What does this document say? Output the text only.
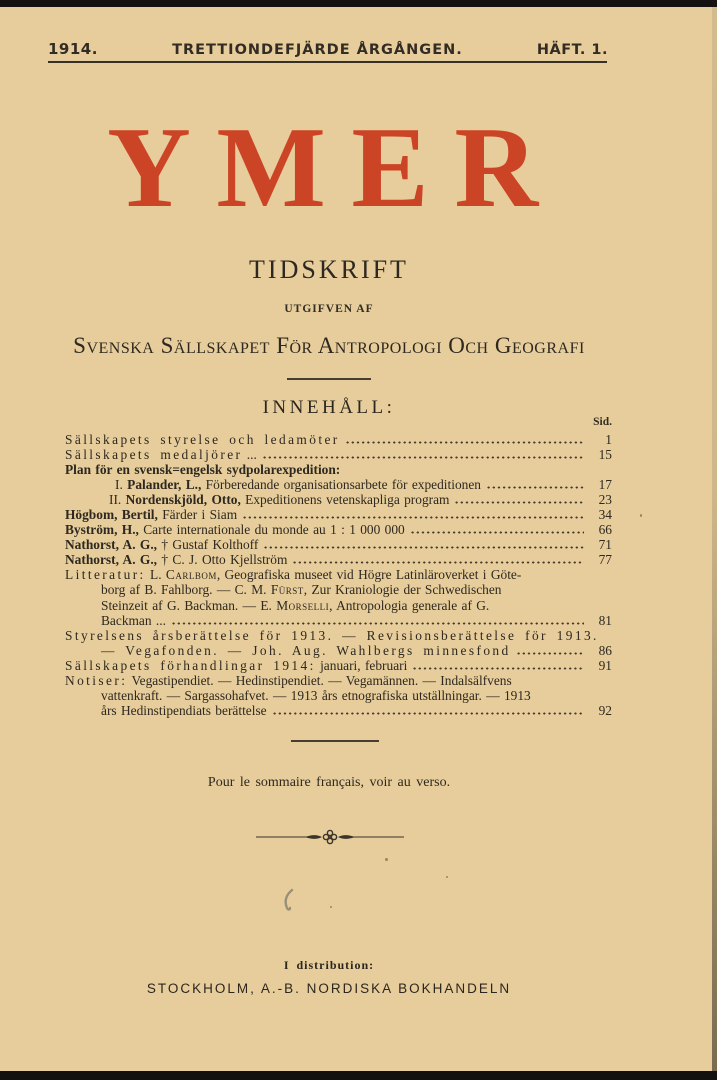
1914.	TRETTIONDEFJÄRDE ÅRGÅNGEN.	HÄFT. 1.
YMER
TIDSKRIFT
UTGIFVEN AF
Svenska Sällskapet För Antropologi Och Geografi
INNEHÅLL:
Sid.
Sällskapets styrelse och ledamöter	1
Sällskapets medaljörer ...	15
Plan för en svensk=engelsk sydpolarexpedition:
I. Palander, L., Förberedande organisationsarbete för expeditionen	17
II. Nordenskjöld, Otto, Expeditionens vetenskapliga program	23
Högbom, Bertil, Färder i Siam	34
Byström, H., Carte internationale du monde au 1 : 1 000 000	66
Nathorst, A. G., † Gustaf Kolthoff	71
Nathorst, A. G., † C. J. Otto Kjellström	77
Litteratur: L. Carlbom, Geografiska museet vid Högre Latinläroverket i Göte-
borg af B. Fahlborg. — C. M. Fürst, Zur Kraniologie der Schwedischen
Steinzeit af G. Backman. — E. Morselli, Antropologia generale af G.
Backman ...	81
Styrelsens årsberättelse för 1913. — Revisionsberättelse för 1913.
— Vegafonden. — Joh. Aug. Wahlbergs minnesfond	86
Sällskapets förhandlingar 1914: januari, februari	91
Notiser: Vegastipendiet. — Hedinstipendiet. — Vegamännen. — Indalsälfvens
vattenkraft. — Sargassohafvet. — 1913 års etnografiska utställningar. — 1913
års Hedinstipendiats berättelse	92
Pour le sommaire français, voir au verso.
I distribution:
STOCKHOLM, A.-B. NORDISKA BOKHANDELN
